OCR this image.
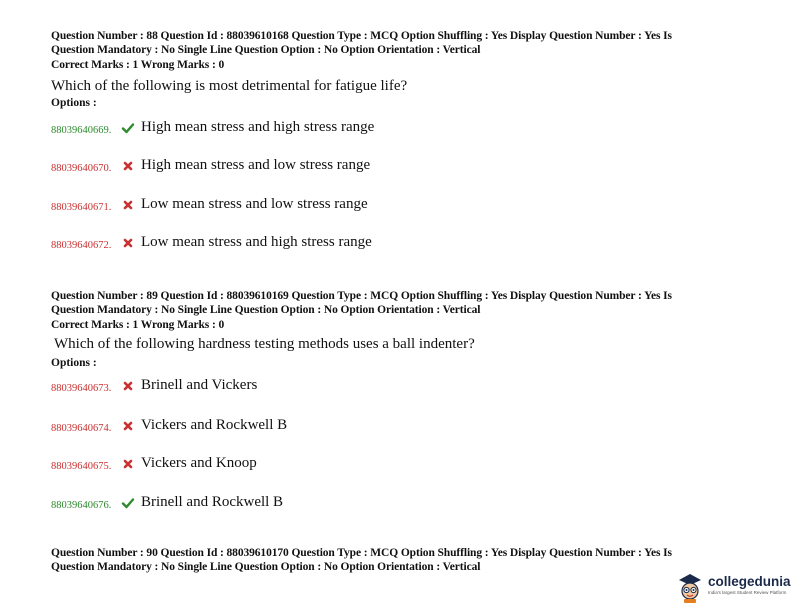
Question Number : 88 Question Id : 88039610168 Question Type : MCQ Option Shuffling : Yes Display Question Number : Yes Is
Question Mandatory : No Single Line Question Option : No Option Orientation : Vertical
Correct Marks : 1 Wrong Marks : 0
Which of the following is most detrimental for fatigue life?
Options :
88039640669.	High mean stress and high stress range
88039640670.	High mean stress and low stress range
88039640671.	Low mean stress and low stress range
88039640672.	Low mean stress and high stress range
Question Number : 89 Question Id : 88039610169 Question Type : MCQ Option Shuffling : Yes Display Question Number : Yes Is
Question Mandatory : No Single Line Question Option : No Option Orientation : Vertical
Correct Marks : 1 Wrong Marks : 0
Which of the following hardness testing methods uses a ball indenter?
Options :
88039640673.	Brinell and Vickers
88039640674.	Vickers and Rockwell B
88039640675.	Vickers and Knoop
88039640676.	Brinell and Rockwell B
Question Number : 90 Question Id : 88039610170 Question Type : MCQ Option Shuffling : Yes Display Question Number : Yes Is
Question Mandatory : No Single Line Question Option : No Option Orientation : Vertical
collegedunia
India's largest Student Review Platform
